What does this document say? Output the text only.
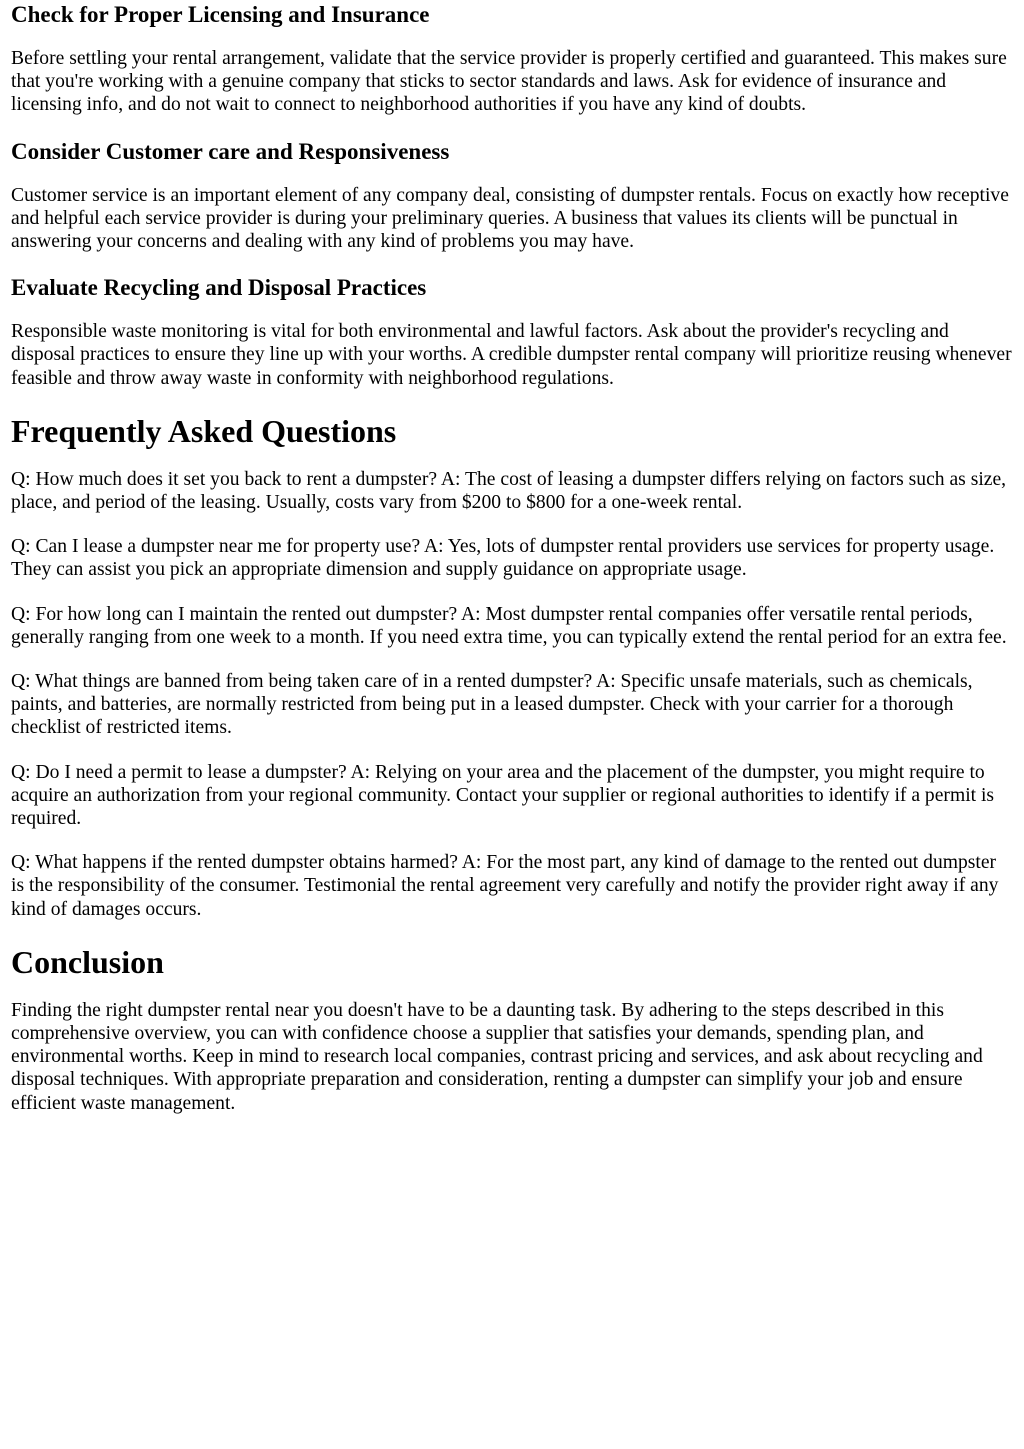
Check for Proper Licensing and Insurance

Before settling your rental arrangement, validate that the service provider is properly certified and guaranteed. This makes sure that you're working with a genuine company that sticks to sector standards and laws. Ask for evidence of insurance and licensing info, and do not wait to connect to neighborhood authorities if you have any kind of doubts.

Consider Customer care and Responsiveness

Customer service is an important element of any company deal, consisting of dumpster rentals. Focus on exactly how receptive and helpful each service provider is during your preliminary queries. A business that values its clients will be punctual in answering your concerns and dealing with any kind of problems you may have.

Evaluate Recycling and Disposal Practices

Responsible waste monitoring is vital for both environmental and lawful factors. Ask about the provider's recycling and disposal practices to ensure they line up with your worths. A credible dumpster rental company will prioritize reusing whenever feasible and throw away waste in conformity with neighborhood regulations.

Frequently Asked Questions

Q: How much does it set you back to rent a dumpster? A: The cost of leasing a dumpster differs relying on factors such as size, place, and period of the leasing. Usually, costs vary from $200 to $800 for a one-week rental.

Q: Can I lease a dumpster near me for property use? A: Yes, lots of dumpster rental providers use services for property usage. They can assist you pick an appropriate dimension and supply guidance on appropriate usage.

Q: For how long can I maintain the rented out dumpster? A: Most dumpster rental companies offer versatile rental periods, generally ranging from one week to a month. If you need extra time, you can typically extend the rental period for an extra fee.

Q: What things are banned from being taken care of in a rented dumpster? A: Specific unsafe materials, such as chemicals, paints, and batteries, are normally restricted from being put in a leased dumpster. Check with your carrier for a thorough checklist of restricted items.

Q: Do I need a permit to lease a dumpster? A: Relying on your area and the placement of the dumpster, you might require to acquire an authorization from your regional community. Contact your supplier or regional authorities to identify if a permit is required.

Q: What happens if the rented dumpster obtains harmed? A: For the most part, any kind of damage to the rented out dumpster is the responsibility of the consumer. Testimonial the rental agreement very carefully and notify the provider right away if any kind of damages occurs.

Conclusion

Finding the right dumpster rental near you doesn't have to be a daunting task. By adhering to the steps described in this comprehensive overview, you can with confidence choose a supplier that satisfies your demands, spending plan, and environmental worths. Keep in mind to research local companies, contrast pricing and services, and ask about recycling and disposal techniques. With appropriate preparation and consideration, renting a dumpster can simplify your job and ensure efficient waste management.
